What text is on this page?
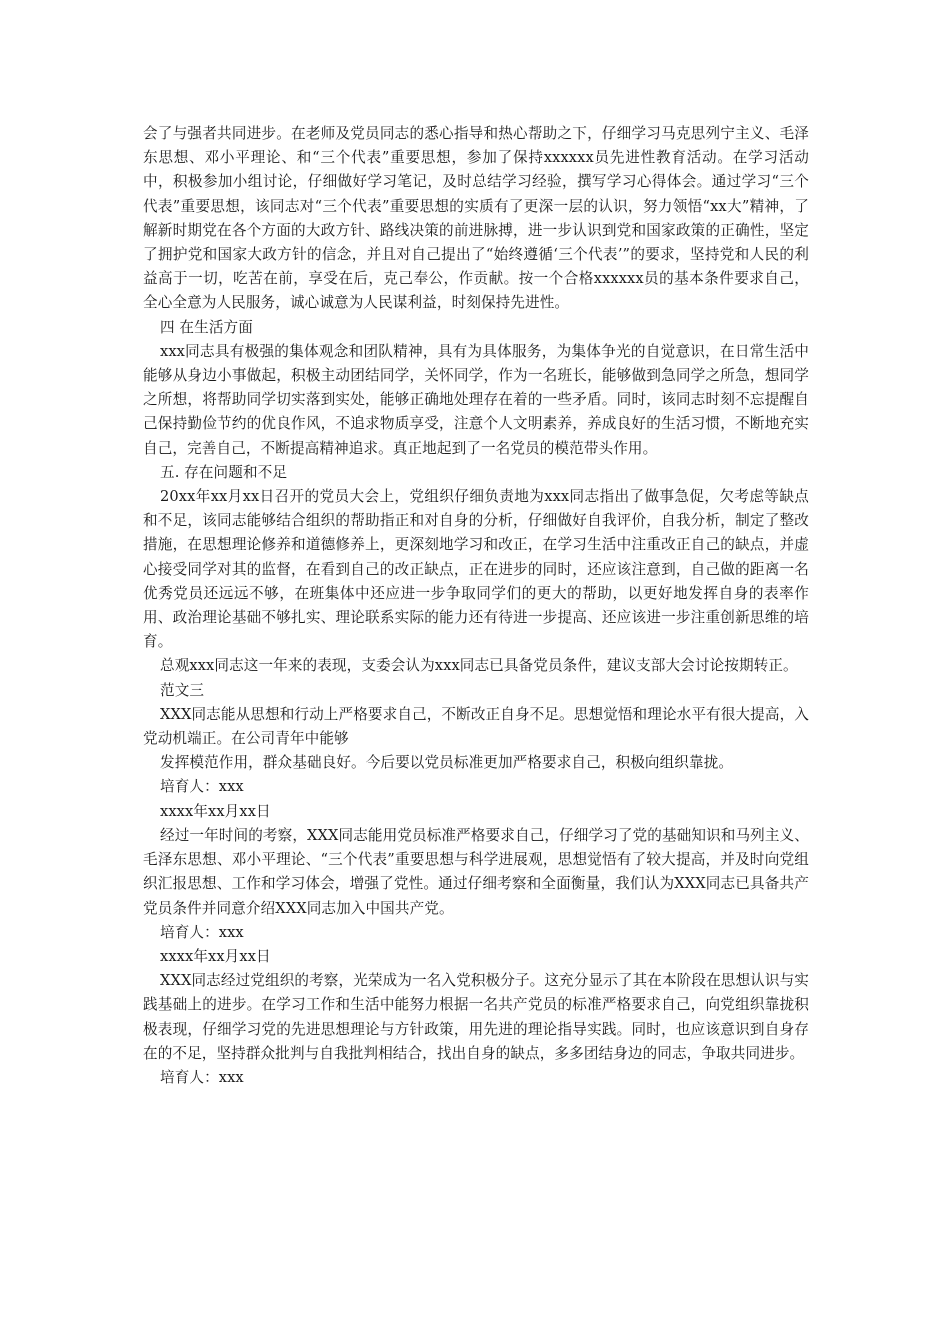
会了与强者共同进步。在老师及党员同志的悉心指导和热心帮助之下，仔细学习马克思列宁主义、毛泽东思想、邓小平理论、和“三个代表”重要思想，参加了保持xxxxxx员先进性教育活动。在学习活动中，积极参加小组讨论，仔细做好学习笔记，及时总结学习经验，撰写学习心得体会。通过学习“三个代表”重要思想，该同志对“三个代表”重要思想的实质有了更深一层的认识，努力领悟“xx大”精神，了解新时期党在各个方面的大政方针、路线决策的前进脉搏，进一步认识到党和国家政策的正确性，坚定了拥护党和国家大政方针的信念，并且对自己提出了“始终遵循‘三个代表’”的要求，坚持党和人民的利益高于一切，吃苦在前，享受在后，克己奉公，作贡献。按一个合格xxxxxx员的基本条件要求自己，全心全意为人民服务，诚心诚意为人民谋利益，时刻保持先进性。

四 在生活方面

xxx同志具有极强的集体观念和团队精神，具有为具体服务，为集体争光的自觉意识，在日常生活中能够从身边小事做起，积极主动团结同学，关怀同学，作为一名班长，能够做到急同学之所急，想同学之所想，将帮助同学切实落到实处，能够正确地处理存在着的一些矛盾。同时，该同志时刻不忘提醒自己保持勤俭节约的优良作风，不追求物质享受，注意个人文明素养，养成良好的生活习惯，不断地充实自己，完善自己，不断提高精神追求。真正地起到了一名党员的模范带头作用。

五. 存在问题和不足

20xx年xx月xx日召开的党员大会上，党组织仔细负责地为xxx同志指出了做事急促，欠考虑等缺点和不足，该同志能够结合组织的帮助指正和对自身的分析，仔细做好自我评价，自我分析，制定了整改措施，在思想理论修养和道德修养上，更深刻地学习和改正，在学习生活中注重改正自己的缺点，并虚心接受同学对其的监督，在看到自己的改正缺点，正在进步的同时，还应该注意到，自己做的距离一名优秀党员还远远不够，在班集体中还应进一步争取同学们的更大的帮助，以更好地发挥自身的表率作用、政治理论基础不够扎实、理论联系实际的能力还有待进一步提高、还应该进一步注重创新思维的培育。

总观xxx同志这一年来的表现，支委会认为xxx同志已具备党员条件，建议支部大会讨论按期转正。

范文三

XXX同志能从思想和行动上严格要求自己，不断改正自身不足。思想觉悟和理论水平有很大提高，入党动机端正。在公司青年中能够

发挥模范作用，群众基础良好。今后要以党员标准更加严格要求自己，积极向组织靠拢。

培育人：xxx

xxxx年xx月xx日

经过一年时间的考察，XXX同志能用党员标准严格要求自己，仔细学习了党的基础知识和马列主义、毛泽东思想、邓小平理论、“三个代表”重要思想与科学进展观，思想觉悟有了较大提高，并及时向党组织汇报思想、工作和学习体会，增强了党性。通过仔细考察和全面衡量，我们认为XXX同志已具备共产党员条件并同意介绍XXX同志加入中国共产党。

培育人：xxx

xxxx年xx月xx日

XXX同志经过党组织的考察，光荣成为一名入党积极分子。这充分显示了其在本阶段在思想认识与实践基础上的进步。在学习工作和生活中能努力根据一名共产党员的标准严格要求自己，向党组织靠拢积极表现，仔细学习党的先进思想理论与方针政策，用先进的理论指导实践。同时，也应该意识到自身存在的不足，坚持群众批判与自我批判相结合，找出自身的缺点，多多团结身边的同志，争取共同进步。

培育人：xxx
